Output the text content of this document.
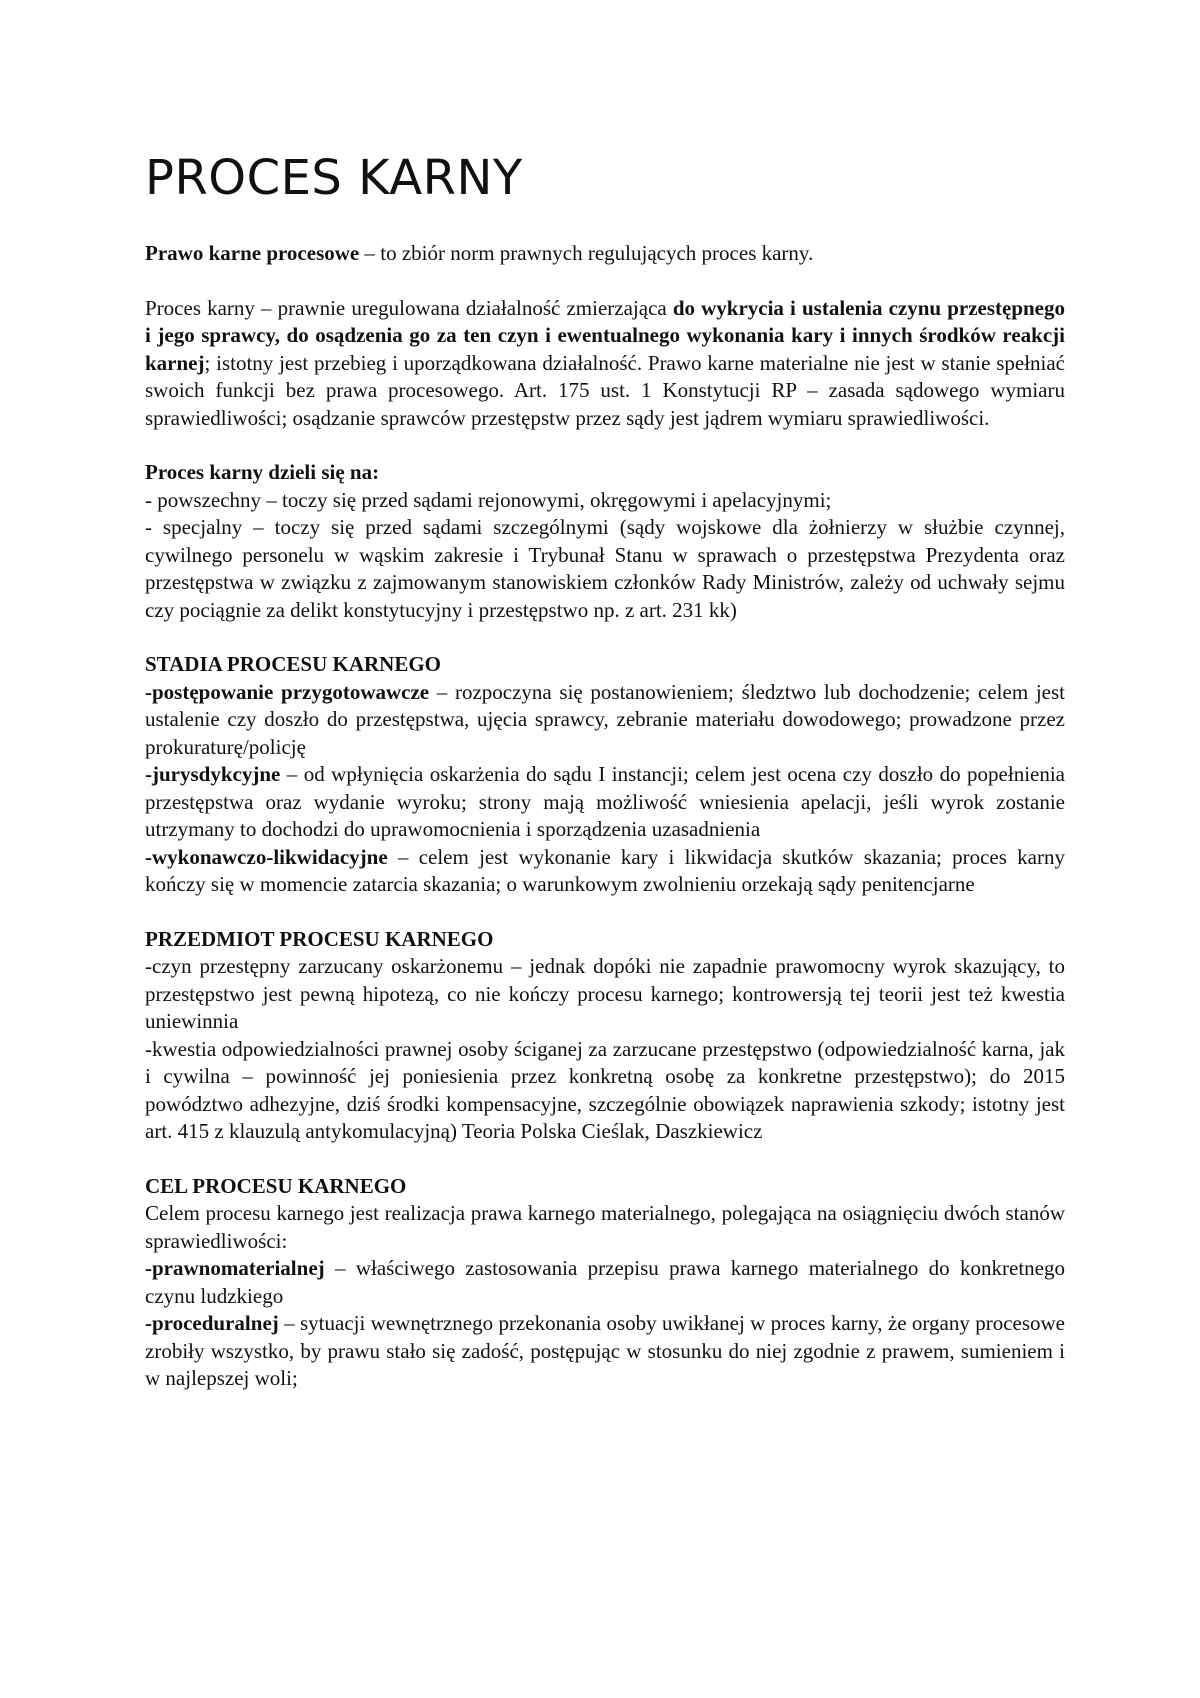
PROCES KARNY

Prawo karne procesowe – to zbiór norm prawnych regulujących proces karny.

Proces karny – prawnie uregulowana działalność zmierzająca do wykrycia i ustalenia czynu przestępnego i jego sprawcy, do osądzenia go za ten czyn i ewentualnego wykonania kary i innych środków reakcji karnej; istotny jest przebieg i uporządkowana działalność. Prawo karne materialne nie jest w stanie spełniać swoich funkcji bez prawa procesowego. Art. 175 ust. 1 Konstytucji RP – zasada sądowego wymiaru sprawiedliwości; osądzanie sprawców przestępstw przez sądy jest jądrem wymiaru sprawiedliwości.

Proces karny dzieli się na:

- powszechny – toczy się przed sądami rejonowymi, okręgowymi i apelacyjnymi;

- specjalny – toczy się przed sądami szczególnymi (sądy wojskowe dla żołnierzy w służbie czynnej, cywilnego personelu w wąskim zakresie i Trybunał Stanu w sprawach o przestępstwa Prezydenta oraz przestępstwa w związku z zajmowanym stanowiskiem członków Rady Ministrów, zależy od uchwały sejmu czy pociągnie za delikt konstytucyjny i przestępstwo np. z art. 231 kk)

STADIA PROCESU KARNEGO

-postępowanie przygotowawcze – rozpoczyna się postanowieniem; śledztwo lub dochodzenie; celem jest ustalenie czy doszło do przestępstwa, ujęcia sprawcy, zebranie materiału dowodowego; prowadzone przez prokuraturę/policję

-jurysdykcyjne – od wpłynięcia oskarżenia do sądu I instancji; celem jest ocena czy doszło do popełnienia przestępstwa oraz wydanie wyroku; strony mają możliwość wniesienia apelacji, jeśli wyrok zostanie utrzymany to dochodzi do uprawomocnienia i sporządzenia uzasadnienia

-wykonawczo-likwidacyjne – celem jest wykonanie kary i likwidacja skutków skazania; proces karny kończy się w momencie zatarcia skazania; o warunkowym zwolnieniu orzekają sądy penitencjarne

PRZEDMIOT PROCESU KARNEGO

-czyn przestępny zarzucany oskarżonemu – jednak dopóki nie zapadnie prawomocny wyrok skazujący, to przestępstwo jest pewną hipotezą, co nie kończy procesu karnego; kontrowersją tej teorii jest też kwestia uniewinnia

-kwestia odpowiedzialności prawnej osoby ściganej za zarzucane przestępstwo (odpowiedzialność karna, jak i cywilna – powinność jej poniesienia przez konkretną osobę za konkretne przestępstwo); do 2015 powództwo adhezyjne, dziś środki kompensacyjne, szczególnie obowiązek naprawienia szkody; istotny jest art. 415 z klauzulą antykomulacyjną) Teoria Polska Cieślak, Daszkiewicz

CEL PROCESU KARNEGO

Celem procesu karnego jest realizacja prawa karnego materialnego, polegająca na osiągnięciu dwóch stanów sprawiedliwości:

-prawnomaterialnej – właściwego zastosowania przepisu prawa karnego materialnego do konkretnego czynu ludzkiego

-proceduralnej – sytuacji wewnętrznego przekonania osoby uwikłanej w proces karny, że organy procesowe zrobiły wszystko, by prawu stało się zadość, postępując w stosunku do niej zgodnie z prawem, sumieniem i w najlepszej woli;
